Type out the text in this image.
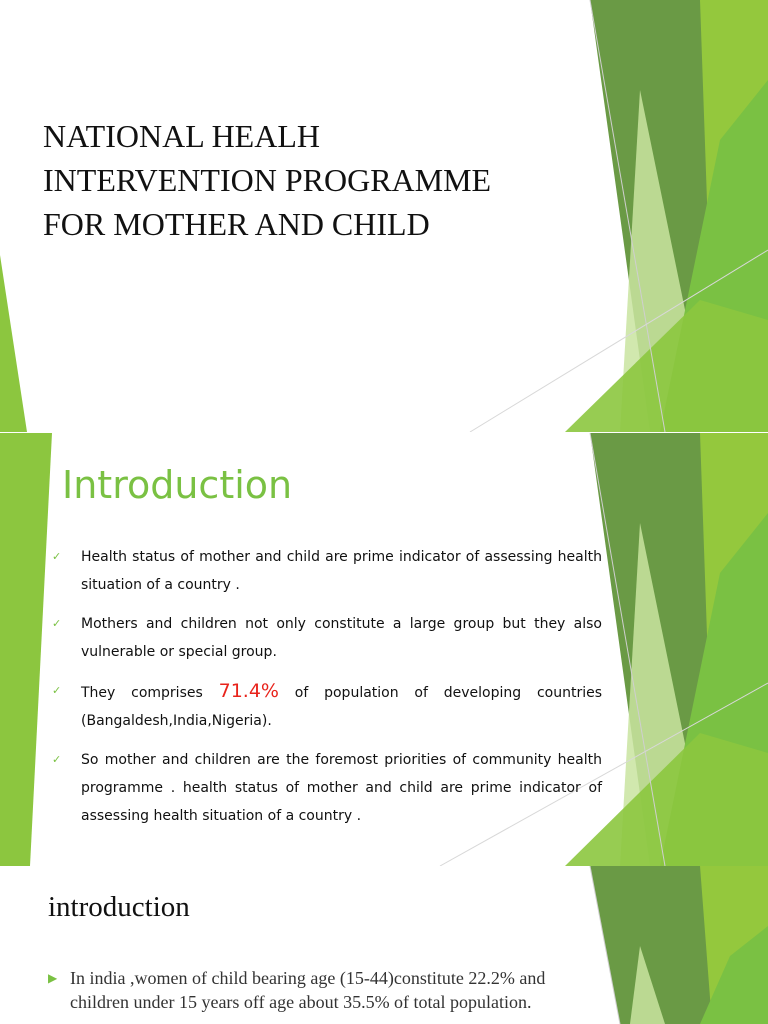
NATIONAL HEALH
INTERVENTION PROGRAMME
FOR MOTHER AND CHILD
Introduction
✓ Health status of mother and child are prime indicator of assessing health situation of a country .
✓ Mothers and children not only constitute a large group but they also vulnerable or special group.
✓ They comprises 71.4% of population of developing countries (Bangaldesh,India,Nigeria).
✓ So mother and children are the foremost priorities of community health programme . health status of mother and child are prime indicator of assessing health situation of a country .
introduction
▶ In india ,women of child bearing age (15-44)constitute 22.2% and children under 15 years off age about 35.5% of total population.
